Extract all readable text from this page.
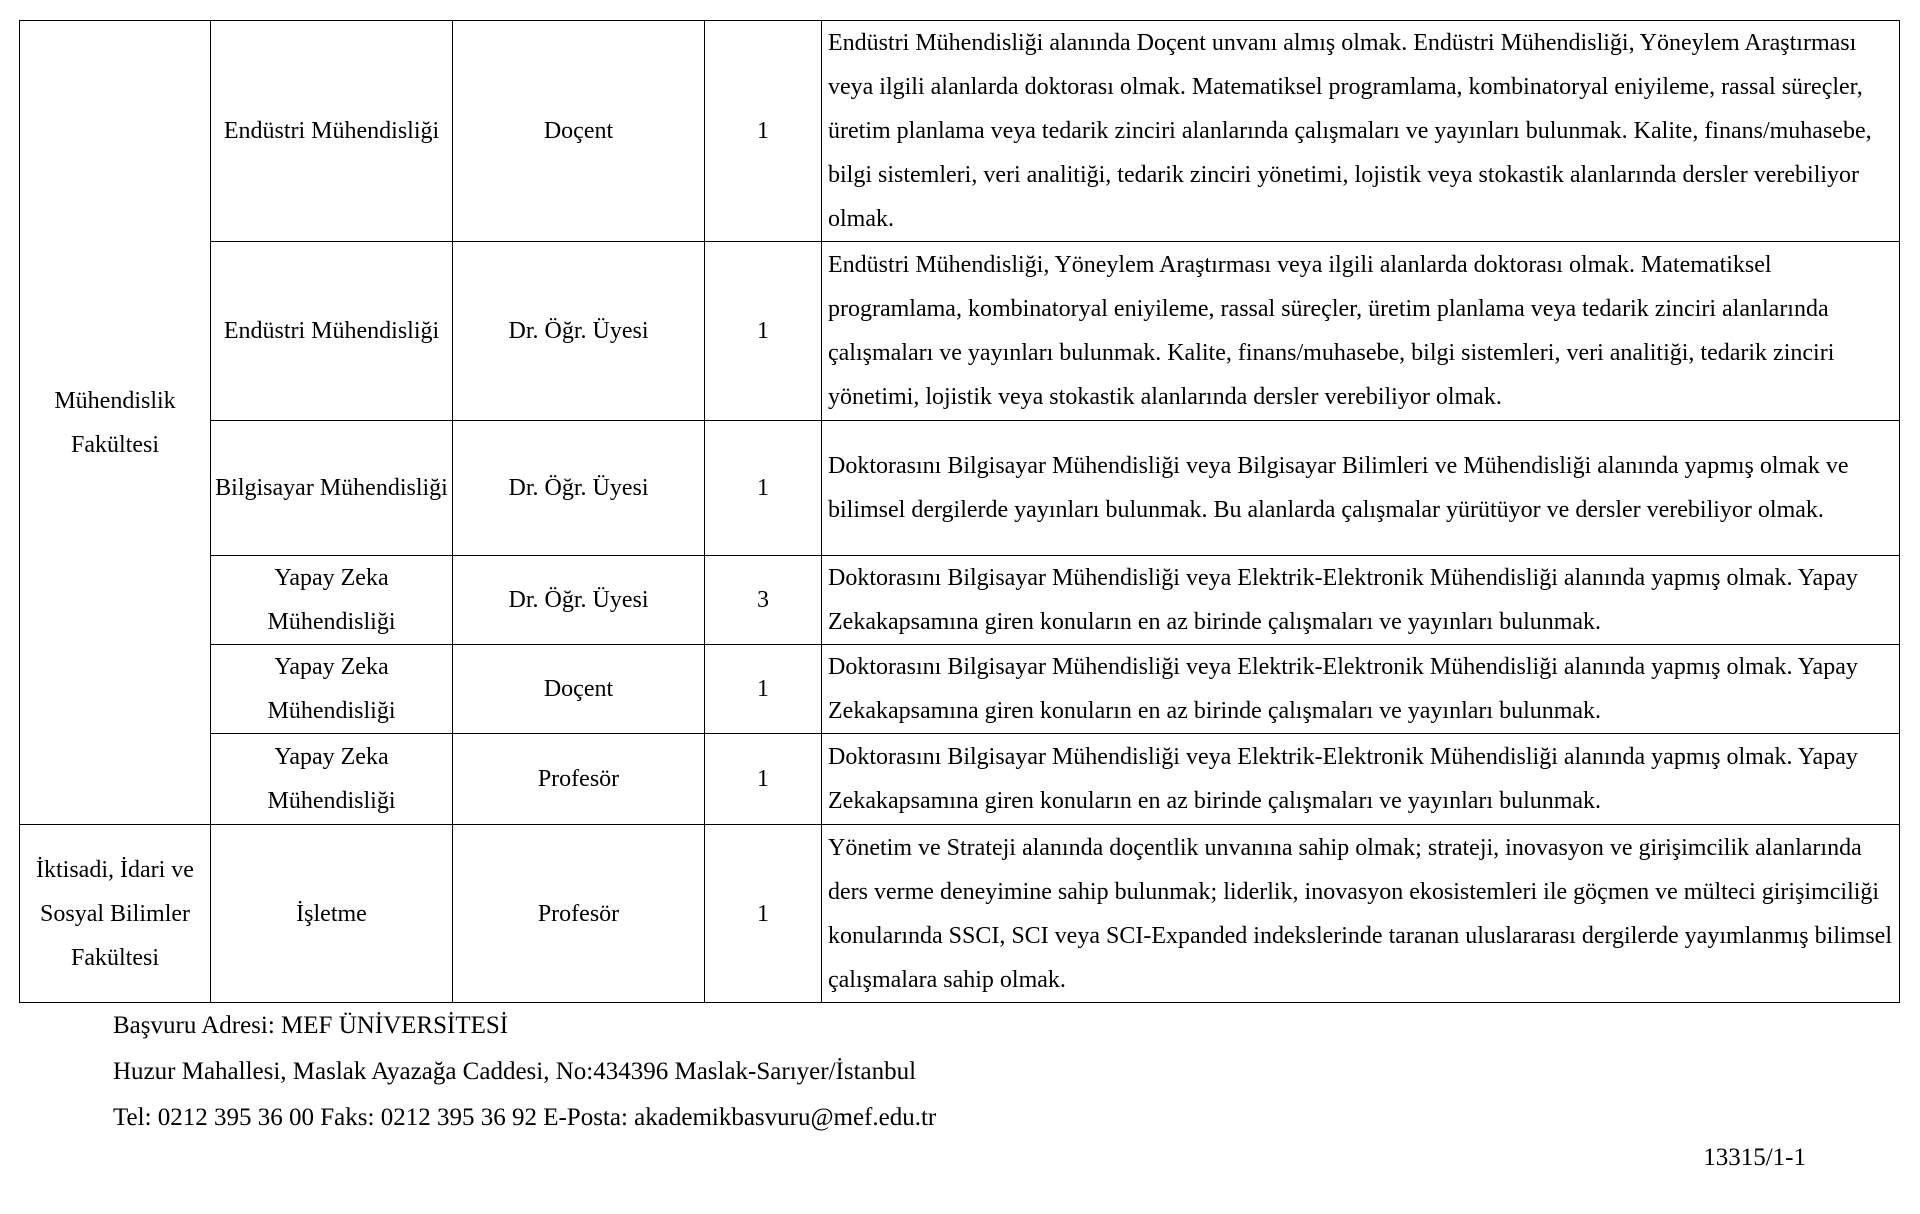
Mühendislik Fakültesi	Endüstri Mühendisliği	Doçent	1	Endüstri Mühendisliği alanında Doçent unvanı almış olmak. Endüstri Mühendisliği, Yöneylem Araştırması veya ilgili alanlarda doktorası olmak. Matematiksel programlama, kombinatoryal eniyileme, rassal süreçler, üretim planlama veya tedarik zinciri alanlarında çalışmaları ve yayınları bulunmak. Kalite, finans/muhasebe, bilgi sistemleri, veri analitiği, tedarik zinciri yönetimi, lojistik veya stokastik alanlarında dersler verebiliyor olmak.
	Endüstri Mühendisliği	Dr. Öğr. Üyesi	1	Endüstri Mühendisliği, Yöneylem Araştırması veya ilgili alanlarda doktorası olmak. Matematiksel programlama, kombinatoryal eniyileme, rassal süreçler, üretim planlama veya tedarik zinciri alanlarında çalışmaları ve yayınları bulunmak. Kalite, finans/muhasebe, bilgi sistemleri, veri analitiği, tedarik zinciri yönetimi, lojistik veya stokastik alanlarında dersler verebiliyor olmak.
	Bilgisayar Mühendisliği	Dr. Öğr. Üyesi	1	Doktorasını Bilgisayar Mühendisliği veya Bilgisayar Bilimleri ve Mühendisliği alanında yapmış olmak ve bilimsel dergilerde yayınları bulunmak. Bu alanlarda çalışmalar yürütüyor ve dersler verebiliyor olmak.
	Yapay Zeka Mühendisliği	Dr. Öğr. Üyesi	3	Doktorasını Bilgisayar Mühendisliği veya Elektrik-Elektronik Mühendisliği alanında yapmış olmak. Yapay Zekakapsamına giren konuların en az birinde çalışmaları ve yayınları bulunmak.
	Yapay Zeka Mühendisliği	Doçent	1	Doktorasını Bilgisayar Mühendisliği veya Elektrik-Elektronik Mühendisliği alanında yapmış olmak. Yapay Zekakapsamına giren konuların en az birinde çalışmaları ve yayınları bulunmak.
	Yapay Zeka Mühendisliği	Profesör	1	Doktorasını Bilgisayar Mühendisliği veya Elektrik-Elektronik Mühendisliği alanında yapmış olmak. Yapay Zekakapsamına giren konuların en az birinde çalışmaları ve yayınları bulunmak.
İktisadi, İdari ve Sosyal Bilimler Fakültesi	İşletme	Profesör	1	Yönetim ve Strateji alanında doçentlik unvanına sahip olmak; strateji, inovasyon ve girişimcilik alanlarında ders verme deneyimine sahip bulunmak; liderlik, inovasyon ekosistemleri ile göçmen ve mülteci girişimciliği konularında SSCI, SCI veya SCI-Expanded indekslerinde taranan uluslararası dergilerde yayımlanmış bilimsel çalışmalara sahip olmak.
Başvuru Adresi: MEF ÜNİVERSİTESİ
Huzur Mahallesi, Maslak Ayazağa Caddesi, No:434396 Maslak-Sarıyer/İstanbul
Tel: 0212 395 36 00 Faks: 0212 395 36 92 E-Posta: akademikbasvuru@mef.edu.tr
13315/1-1
